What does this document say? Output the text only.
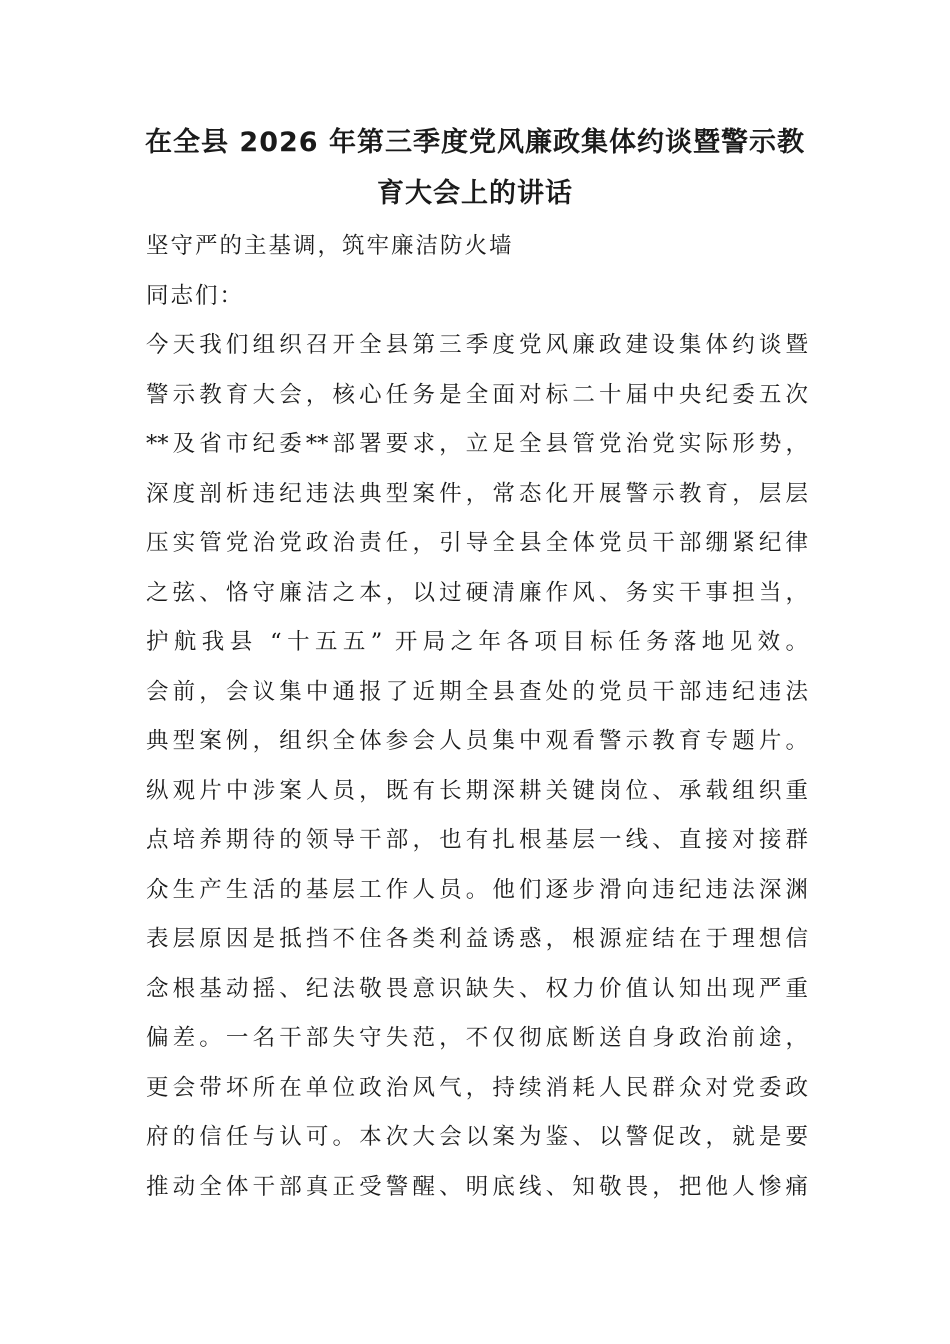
在全县 2026 年第三季度党风廉政集体约谈暨警示教
育大会上的讲话
坚守严的主基调，筑牢廉洁防火墙
同志们：
今天我们组织召开全县第三季度党风廉政建设集体约谈暨
警示教育大会，核心任务是全面对标二十届中央纪委五次
**及省市纪委**部署要求，立足全县管党治党实际形势，
深度剖析违纪违法典型案件，常态化开展警示教育，层层
压实管党治党政治责任，引导全县全体党员干部绷紧纪律
之弦、恪守廉洁之本，以过硬清廉作风、务实干事担当，
护航我县 “十五五” 开局之年各项目标任务落地见效。
会前，会议集中通报了近期全县查处的党员干部违纪违法
典型案例，组织全体参会人员集中观看警示教育专题片。
纵观片中涉案人员，既有长期深耕关键岗位、承载组织重
点培养期待的领导干部，也有扎根基层一线、直接对接群
众生产生活的基层工作人员。他们逐步滑向违纪违法深渊
表层原因是抵挡不住各类利益诱惑，根源症结在于理想信
念根基动摇、纪法敬畏意识缺失、权力价值认知出现严重
偏差。一名干部失守失范，不仅彻底断送自身政治前途，
更会带坏所在单位政治风气，持续消耗人民群众对党委政
府的信任与认可。本次大会以案为鉴、以警促改，就是要
推动全体干部真正受警醒、明底线、知敬畏，把他人惨痛
